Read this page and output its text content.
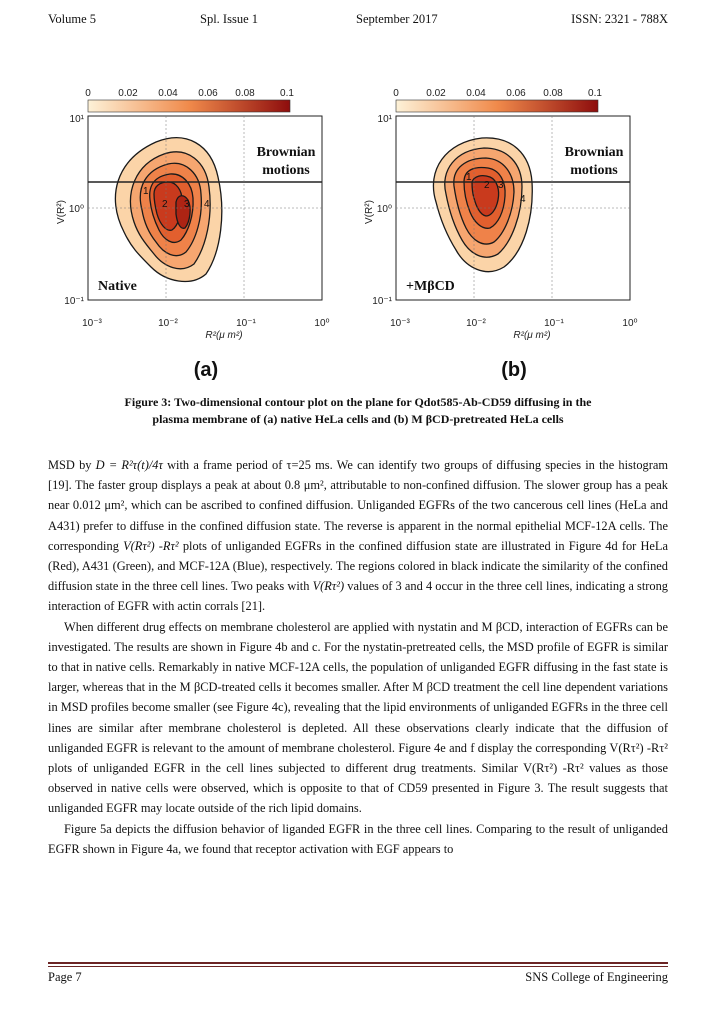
Volume 5	Spl. Issue 1	September 2017	ISSN: 2321 - 788X
0	0.02 0.04 0.06 0.08	0.1
1
2 3 4
Brownian
motions
Native
10¹
10⁰
10⁻¹
10⁻³	10⁻²	10⁻¹	10⁰
R²(μ m²)
V(R²)
(a)
0	0.02 0.04 0.06 0.08	0.1
1
2 3
4
Brownian
motions
+MβCD
10¹
10⁰
10⁻¹
10⁻³	10⁻²	10⁻¹	10⁰
R²(μ m²)
V(R²)
(b)
Figure 3: Two-dimensional contour plot on the plane for Qdot585-Ab-CD59 diffusing in the
plasma membrane of (a) native HeLa cells and (b) M βCD-pretreated HeLa cells

MSD by D = R²τ(t)/4τ with a frame period of τ=25 ms. We can identify two groups of diffusing species in the histogram [19]. The faster group displays a peak at about 0.8 μm², attributable to non-confined diffusion. The slower group has a peak near 0.012 μm², which can be ascribed to confined diffusion. Unliganded EGFRs of the two cancerous cell lines (HeLa and A431) prefer to diffuse in the confined diffusion state. The reverse is apparent in the normal epithelial MCF-12A cells. The corresponding V(Rτ²) -Rτ² plots of unliganded EGFRs in the confined diffusion state are illustrated in Figure 4d for HeLa (Red), A431 (Green), and MCF-12A (Blue), respectively. The regions colored in black indicate the similarity of the confined diffusion state in the three cell lines. Two peaks with V(Rτ²) values of 3 and 4 occur in the three cell lines, indicating a strong interaction of EGFR with actin corrals [21].

When different drug effects on membrane cholesterol are applied with nystatin and M βCD, interaction of EGFRs can be investigated. The results are shown in Figure 4b and c. For the nystatin-pretreated cells, the MSD profile of EGFR is similar to that in native cells. Remarkably in native MCF-12A cells, the population of unliganded EGFR diffusing in the fast state is larger, whereas that in the M βCD-treated cells it becomes smaller. After M βCD treatment the cell line dependent variations in MSD profiles become smaller (see Figure 4c), revealing that the lipid environments of unliganded EGFRs in the three cell lines are similar after membrane cholesterol is depleted. All these observations clearly indicate that the diffusion of unliganded EGFR is relevant to the amount of membrane cholesterol. Figure 4e and f display the corresponding V(Rτ²) -Rτ² plots of unliganded EGFR in the cell lines subjected to different drug treatments. Similar V(Rτ²) -Rτ² values as those observed in native cells were observed, which is opposite to that of CD59 presented in Figure 3. The result suggests that unliganded EGFR may locate outside of the rich lipid domains.

Figure 5a depicts the diffusion behavior of liganded EGFR in the three cell lines. Comparing to the result of unliganded EGFR shown in Figure 4a, we found that receptor activation with EGF appears to

Page 7	SNS College of Engineering
